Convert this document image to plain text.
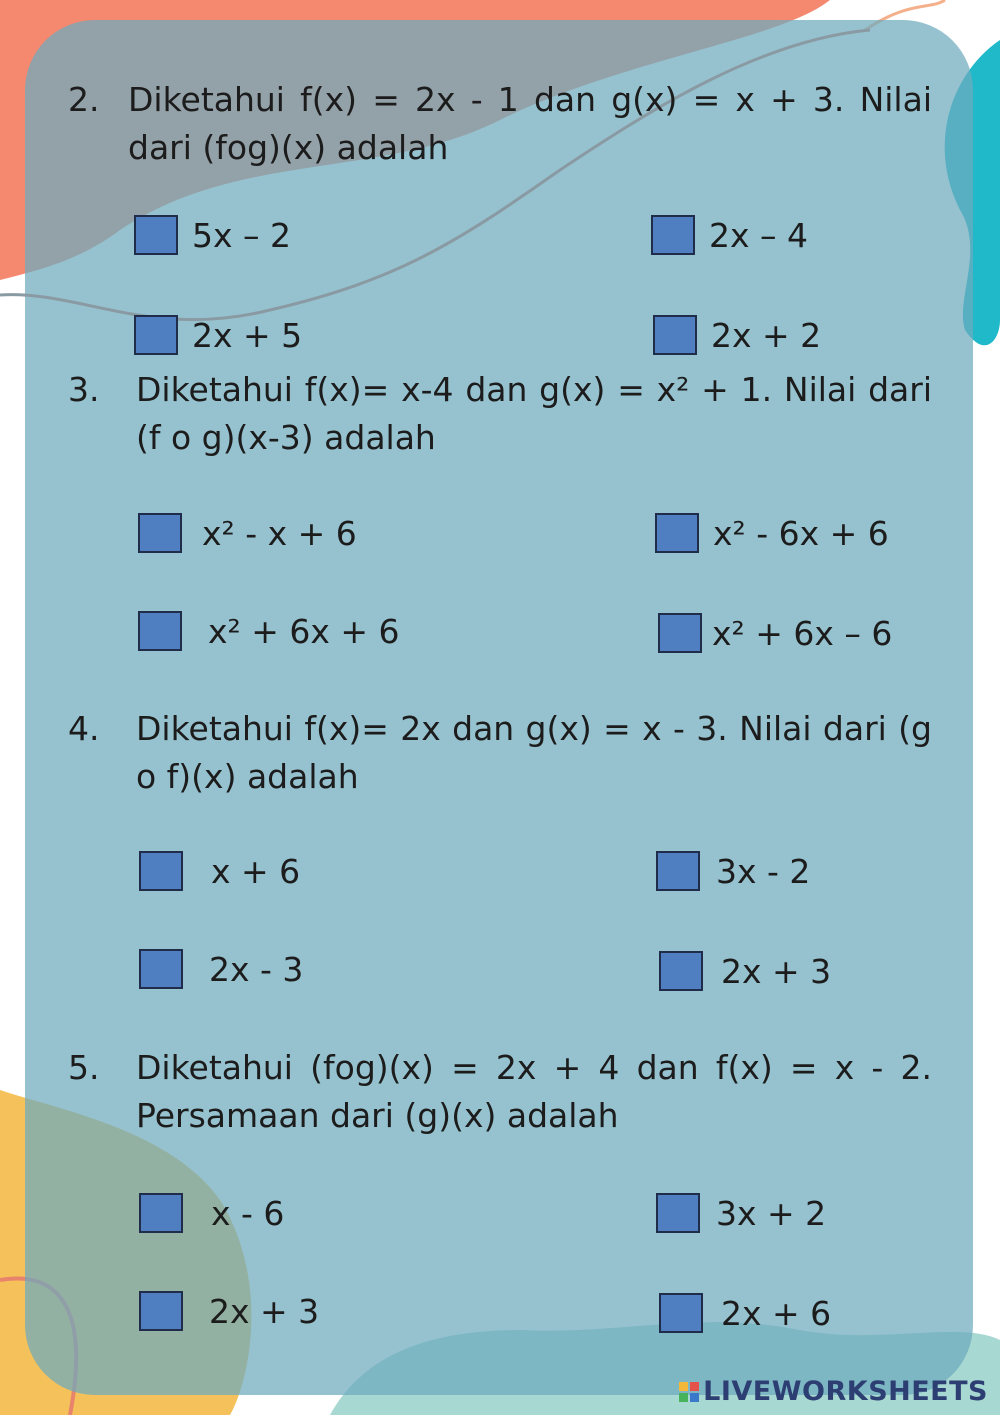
2. Diketahui f(x) = 2x - 1 dan g(x) = x + 3. Nilai dari (fog)(x) adalah
5x – 2	2x – 4
2x + 5	2x + 2
3. Diketahui f(x)= x-4 dan g(x) = x² + 1. Nilai dari (f o g)(x-3) adalah
x² - x + 6	x² - 6x + 6
x² + 6x + 6	x² + 6x – 6
4. Diketahui f(x)= 2x dan g(x) = x - 3. Nilai dari (g o f)(x) adalah
x + 6	3x - 2
2x - 3	2x + 3
5. Diketahui (fog)(x) = 2x + 4 dan f(x) = x - 2. Persamaan dari (g)(x) adalah
x - 6	3x + 2
2x + 3	2x + 6
LIVEWORKSHEETS
